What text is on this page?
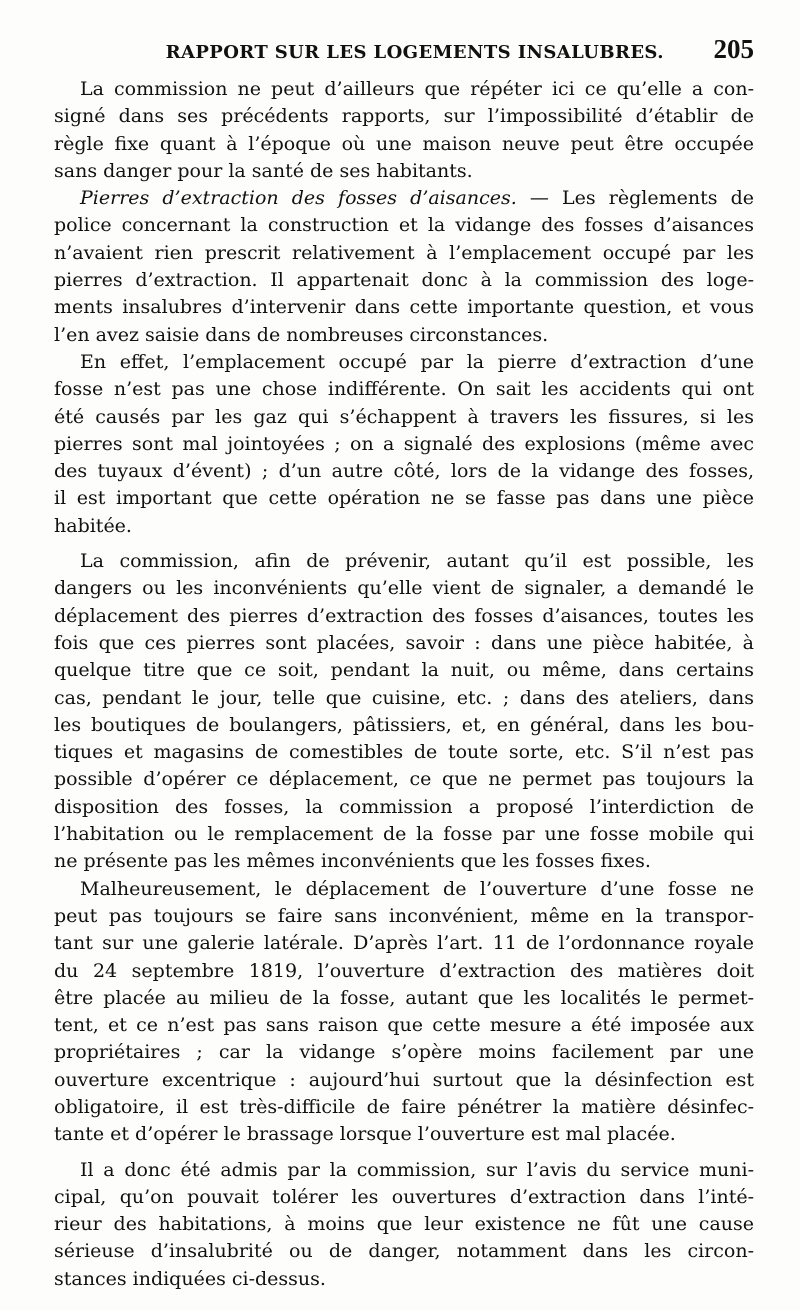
RAPPORT SUR LES LOGEMENTS INSALUBRES.	205
La commission ne peut d’ailleurs que répéter ici ce qu’elle a con-
signé dans ses précédents rapports, sur l’impossibilité d’établir de
règle fixe quant à l’époque où une maison neuve peut être occupée
sans danger pour la santé de ses habitants.
Pierres d’extraction des fosses d’aisances. — Les règlements de
police concernant la construction et la vidange des fosses d’aisances
n’avaient rien prescrit relativement à l’emplacement occupé par les
pierres d’extraction. Il appartenait donc à la commission des loge-
ments insalubres d’intervenir dans cette importante question, et vous
l’en avez saisie dans de nombreuses circonstances.
En effet, l’emplacement occupé par la pierre d’extraction d’une
fosse n’est pas une chose indifférente. On sait les accidents qui ont
été causés par les gaz qui s’échappent à travers les fissures, si les
pierres sont mal jointoyées ; on a signalé des explosions (même avec
des tuyaux d’évent) ; d’un autre côté, lors de la vidange des fosses,
il est important que cette opération ne se fasse pas dans une pièce
habitée.
La commission, afin de prévenir, autant qu’il est possible, les
dangers ou les inconvénients qu’elle vient de signaler, a demandé le
déplacement des pierres d’extraction des fosses d’aisances, toutes les
fois que ces pierres sont placées, savoir : dans une pièce habitée, à
quelque titre que ce soit, pendant la nuit, ou même, dans certains
cas, pendant le jour, telle que cuisine, etc. ; dans des ateliers, dans
les boutiques de boulangers, pâtissiers, et, en général, dans les bou-
tiques et magasins de comestibles de toute sorte, etc. S’il n’est pas
possible d’opérer ce déplacement, ce que ne permet pas toujours la
disposition des fosses, la commission a proposé l’interdiction de
l’habitation ou le remplacement de la fosse par une fosse mobile qui
ne présente pas les mêmes inconvénients que les fosses fixes.
Malheureusement, le déplacement de l’ouverture d’une fosse ne
peut pas toujours se faire sans inconvénient, même en la transpor-
tant sur une galerie latérale. D’après l’art. 11 de l’ordonnance royale
du 24 septembre 1819, l’ouverture d’extraction des matières doit
être placée au milieu de la fosse, autant que les localités le permet-
tent, et ce n’est pas sans raison que cette mesure a été imposée aux
propriétaires ; car la vidange s’opère moins facilement par une
ouverture excentrique : aujourd’hui surtout que la désinfection est
obligatoire, il est très-difficile de faire pénétrer la matière désinfec-
tante et d’opérer le brassage lorsque l’ouverture est mal placée.
Il a donc été admis par la commission, sur l’avis du service muni-
cipal, qu’on pouvait tolérer les ouvertures d’extraction dans l’inté-
rieur des habitations, à moins que leur existence ne fût une cause
sérieuse d’insalubrité ou de danger, notamment dans les circon-
stances indiquées ci-dessus.
